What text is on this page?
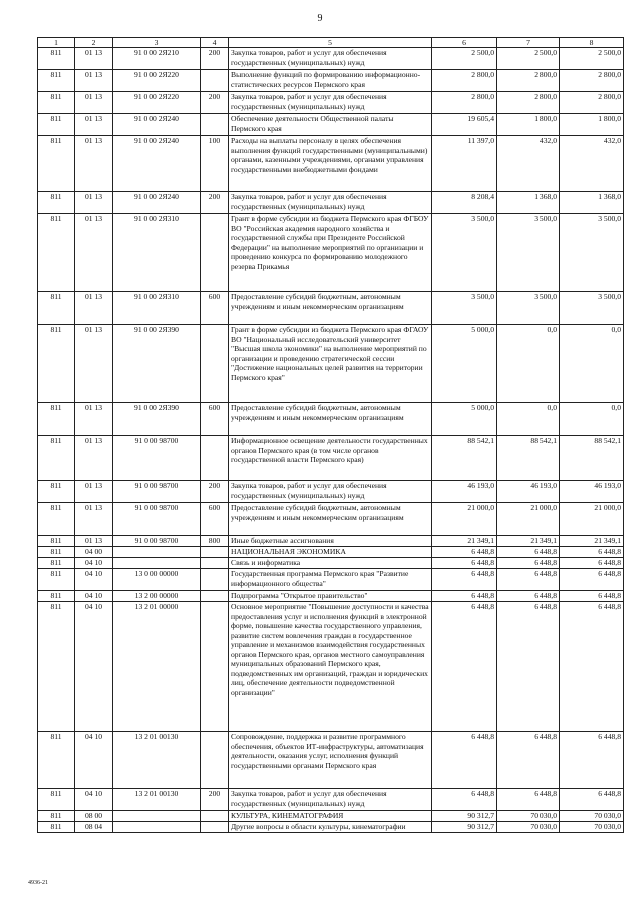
9
1	2	3	4	5	6	7	8
811	01 13	91 0 00 2Я210	200	Закупка товаров, работ и услуг для обеспечения государственных (муниципальных) нужд	2 500,0	2 500,0	2 500,0
811	01 13	91 0 00 2Я220		Выполнение функций по формированию информационно-статистических ресурсов Пермского края	2 800,0	2 800,0	2 800,0
811	01 13	91 0 00 2Я220	200	Закупка товаров, работ и услуг для обеспечения государственных (муниципальных) нужд	2 800,0	2 800,0	2 800,0
811	01 13	91 0 00 2Я240		Обеспечение деятельности Общественной палаты Пермского края	19 605,4	1 800,0	1 800,0
811	01 13	91 0 00 2Я240	100	Расходы на выплаты персоналу в целях обеспечения выполнения функций государственными (муниципальными) органами, казенными учреждениями, органами управления государственными внебюджетными фондами	11 397,0	432,0	432,0
811	01 13	91 0 00 2Я240	200	Закупка товаров, работ и услуг для обеспечения государственных (муниципальных) нужд	8 208,4	1 368,0	1 368,0
811	01 13	91 0 00 2Я310		Грант в форме субсидии из бюджета Пермского края ФГБОУ ВО "Российская академия народного хозяйства и государственной службы при Президенте Российской Федерации" на выполнение мероприятий по организации и проведению конкурса по формированию молодежного резерва Прикамья	3 500,0	3 500,0	3 500,0
811	01 13	91 0 00 2Я310	600	Предоставление субсидий бюджетным, автономным учреждениям и иным некоммерческим организациям	3 500,0	3 500,0	3 500,0
811	01 13	91 0 00 2Я390		Грант в форме субсидии из бюджета Пермского края ФГАОУ ВО "Национальный исследовательский университет "Высшая школа экономики" на выполнение мероприятий по организации и проведению стратегической сессии "Достижение национальных целей развития на территории Пермского края"	5 000,0	0,0	0,0
811	01 13	91 0 00 2Я390	600	Предоставление субсидий бюджетным, автономным учреждениям и иным некоммерческим организациям	5 000,0	0,0	0,0
811	01 13	91 0 00 98700		Информационное освещение деятельности государственных органов Пермского края (в том числе органов государственной власти Пермского края)	88 542,1	88 542,1	88 542,1
811	01 13	91 0 00 98700	200	Закупка товаров, работ и услуг для обеспечения государственных (муниципальных) нужд	46 193,0	46 193,0	46 193,0
811	01 13	91 0 00 98700	600	Предоставление субсидий бюджетным, автономным учреждениям и иным некоммерческим организациям	21 000,0	21 000,0	21 000,0
811	01 13	91 0 00 98700	800	Иные бюджетные ассигнования	21 349,1	21 349,1	21 349,1
811	04 00			НАЦИОНАЛЬНАЯ ЭКОНОМИКА	6 448,8	6 448,8	6 448,8
811	04 10			Связь и информатика	6 448,8	6 448,8	6 448,8
811	04 10	13 0 00 00000		Государственная программа Пермского края "Развитие информационного общества"	6 448,8	6 448,8	6 448,8
811	04 10	13 2 00 00000		Подпрограмма "Открытое правительство"	6 448,8	6 448,8	6 448,8
811	04 10	13 2 01 00000		Основное мероприятие "Повышение доступности и качества предоставления услуг и исполнения функций в электронной форме, повышение качества государственного управления, развитие систем вовлечения граждан в государственное управление и механизмов взаимодействия государственных органов Пермского края, органов местного самоуправления муниципальных образований Пермского края, подведомственных им организаций, граждан и юридических лиц, обеспечение деятельности подведомственной организации"	6 448,8	6 448,8	6 448,8
811	04 10	13 2 01 00130		Сопровождение, поддержка и развитие программного обеспечения, объектов ИТ-инфраструктуры, автоматизация деятельности, оказания услуг, исполнения функций государственными органами Пермского края	6 448,8	6 448,8	6 448,8
811	04 10	13 2 01 00130	200	Закупка товаров, работ и услуг для обеспечения государственных (муниципальных) нужд	6 448,8	6 448,8	6 448,8
811	08 00			КУЛЬТУРА, КИНЕМАТОГРАФИЯ	90 312,7	70 030,0	70 030,0
811	08 04			Другие вопросы в области культуры, кинематографии	90 312,7	70 030,0	70 030,0
4936-21
